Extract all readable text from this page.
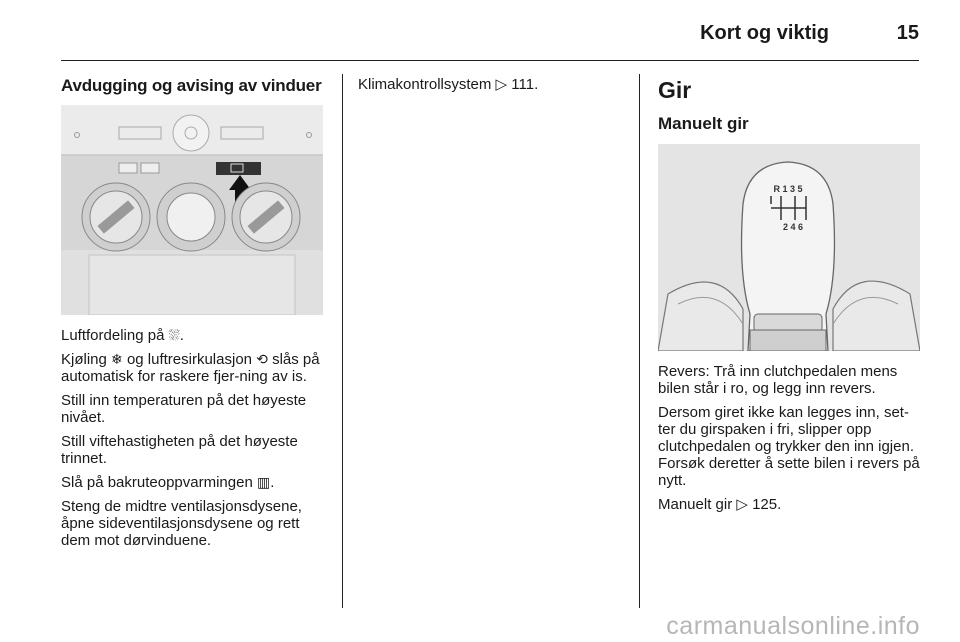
Kort og viktig	15
Avdugging og avising av vinduer

Luftfordeling på ⛆.

Kjøling ❄ og luftresirkulasjon ⟲ slås på automatisk for raskere fjer-ning av is.

Still inn temperaturen på det høyeste nivået.

Still viftehastigheten på det høyeste trinnet.

Slå på bakruteoppvarmingen ▥.

Steng de midtre ventilasjonsdysene, åpne sideventilasjonsdysene og rett dem mot dørvinduene.

Klimakontrollsystem ▷ 111.	Gir
Manuelt gir
R 1 3 5
2 4 6

Revers: Trå inn clutchpedalen mens bilen står i ro, og legg inn revers.

Dersom giret ikke kan legges inn, set-ter du girspaken i fri, slipper opp clutchpedalen og trykker den inn igjen. Forsøk deretter å sette bilen i revers på nytt.

Manuelt gir ▷ 125.

carmanualsonline.info
